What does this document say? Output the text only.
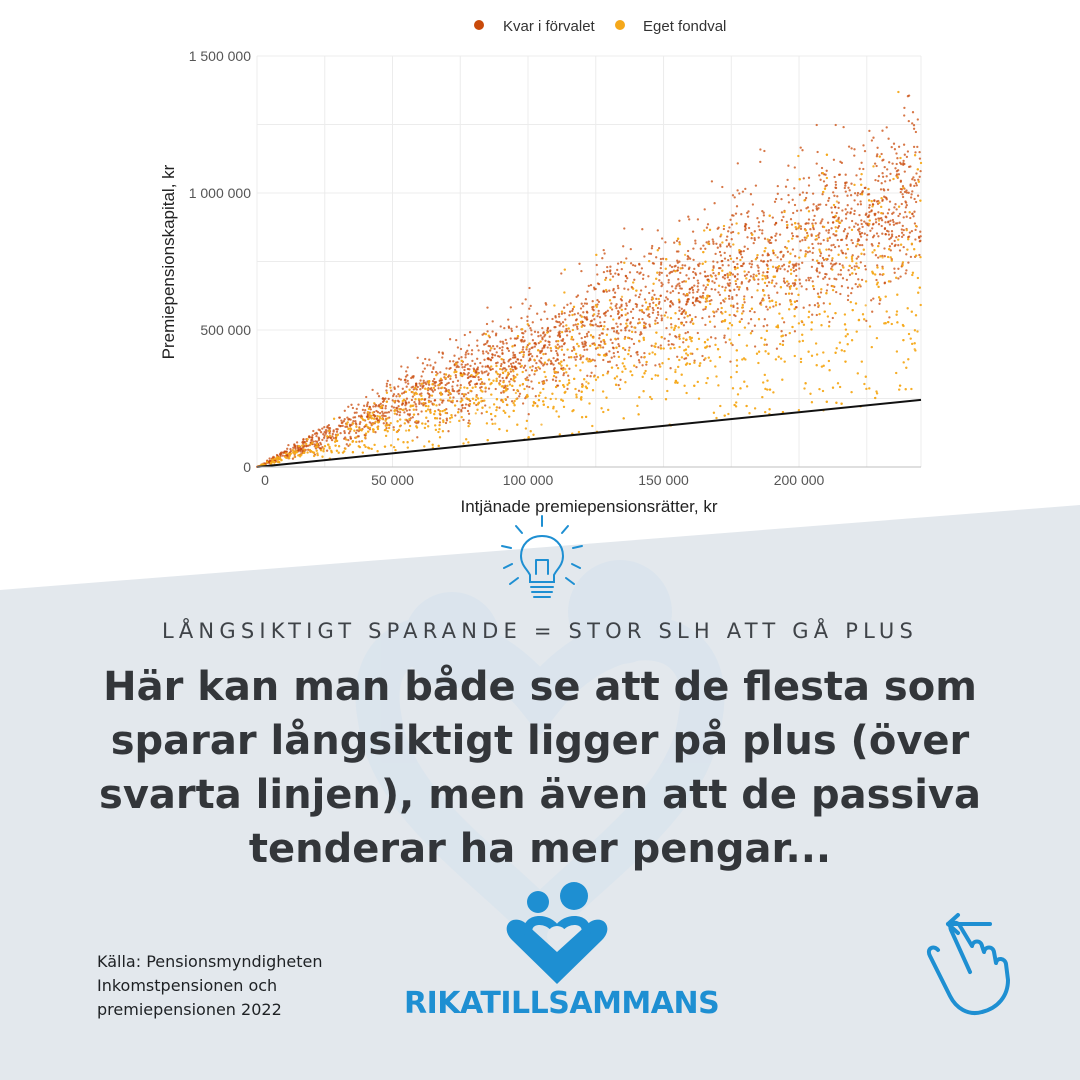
0	50 000	100 000	150 000	200 000
0
500 000
1 000 000
1 500 000
Intjänade premiepensionsrätter, kr
Premiepensionskapital, kr
Kvar i förvalet	Eget fondval
LÅNGSIKTIGT SPARANDE = STOR SLH ATT GÅ PLUS
Här kan man både se att de flesta som sparar långsiktigt ligger på plus (över svarta linjen), men även att de passiva tenderar ha mer pengar...
Källa: Pensionsmyndigheten
Inkomstpensionen och
premiepensionen 2022	RIKATILLSAMMANS
